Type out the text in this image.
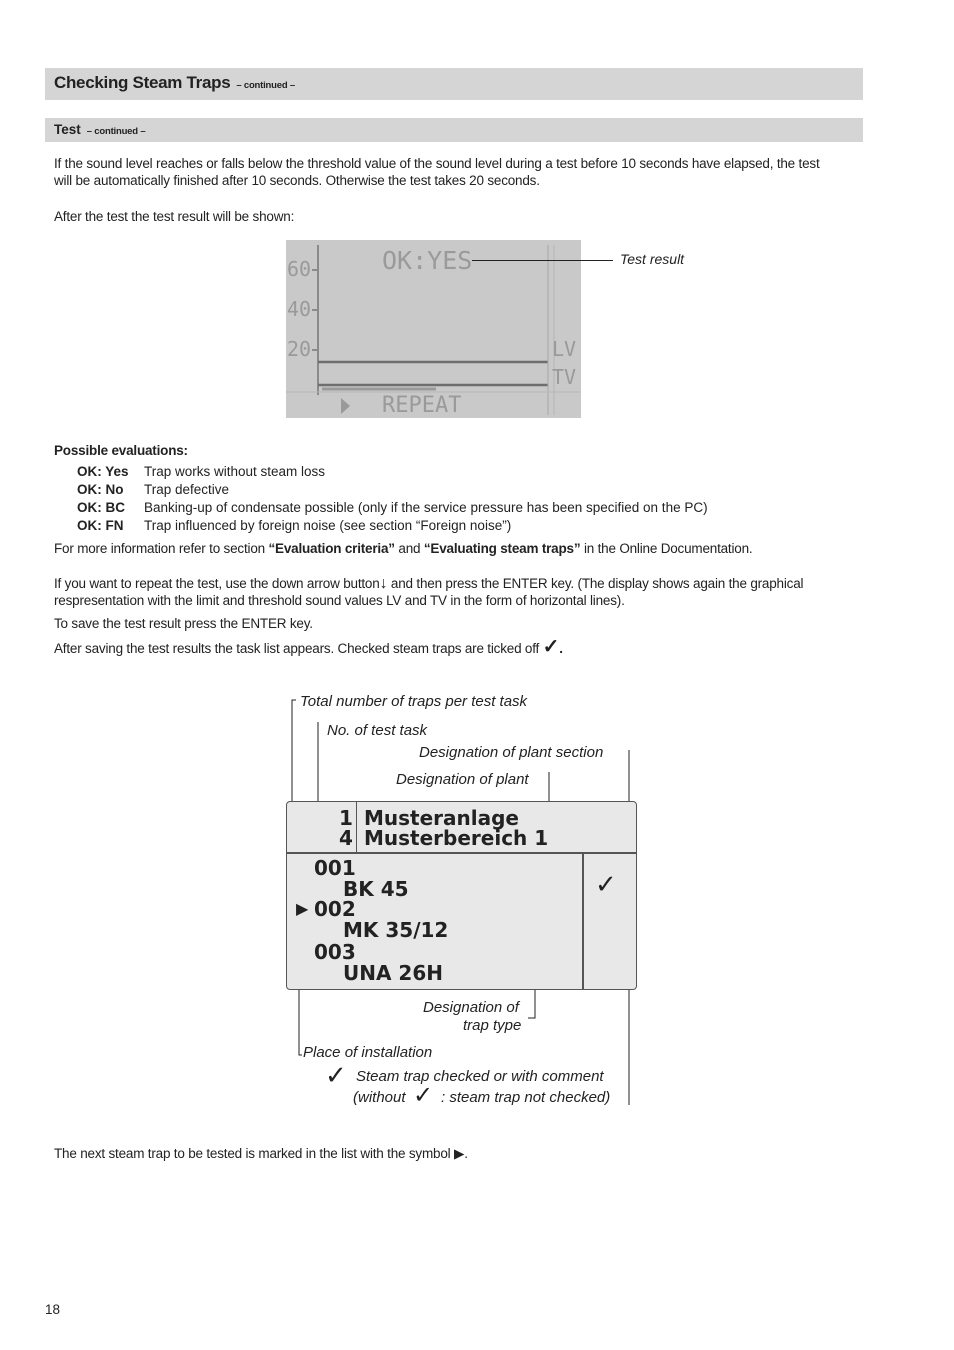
Checking Steam Traps – continued –
Test – continued –

If the sound level reaches or falls below the threshold value of the sound level during a test before 10 seconds have elapsed, the test
will be automatically finished after 10 seconds. Otherwise the test takes 20 seconds.

After the test the test result will be shown:

OK:YES
60
40
20	LV
TV
REPEAT
Test result

Possible evaluations:

OK: Yes Trap works without steam loss
OK: No Trap defective
OK: BC Banking-up of condensate possible (only if the service pressure has been specified on the PC)
OK: FN Trap influenced by foreign noise (see section “Foreign noise”)

For more information refer to section “Evaluation criteria” and “Evaluating steam traps” in the Online Documentation.

If you want to repeat the test, use the down arrow button↓ and then press the ENTER key. (The display shows again the graphical
respresentation with the limit and threshold sound values LV and TV in the form of horizontal lines).

To save the test result press the ENTER key.

After saving the test results the task list appears. Checked steam traps are ticked off ✓.

Total number of traps per test task
No. of test task
Designation of plant section
Designation of plant
1 Musteranlage
4 Musterbereich 1
001
BK 45	✓
▶ 002
MK 35/12
003
UNA 26H
Designation of
trap type
Place of installation
✓ Steam trap checked or with comment
(without ✓ : steam trap not checked)

The next steam trap to be tested is marked in the list with the symbol ▶.

18
